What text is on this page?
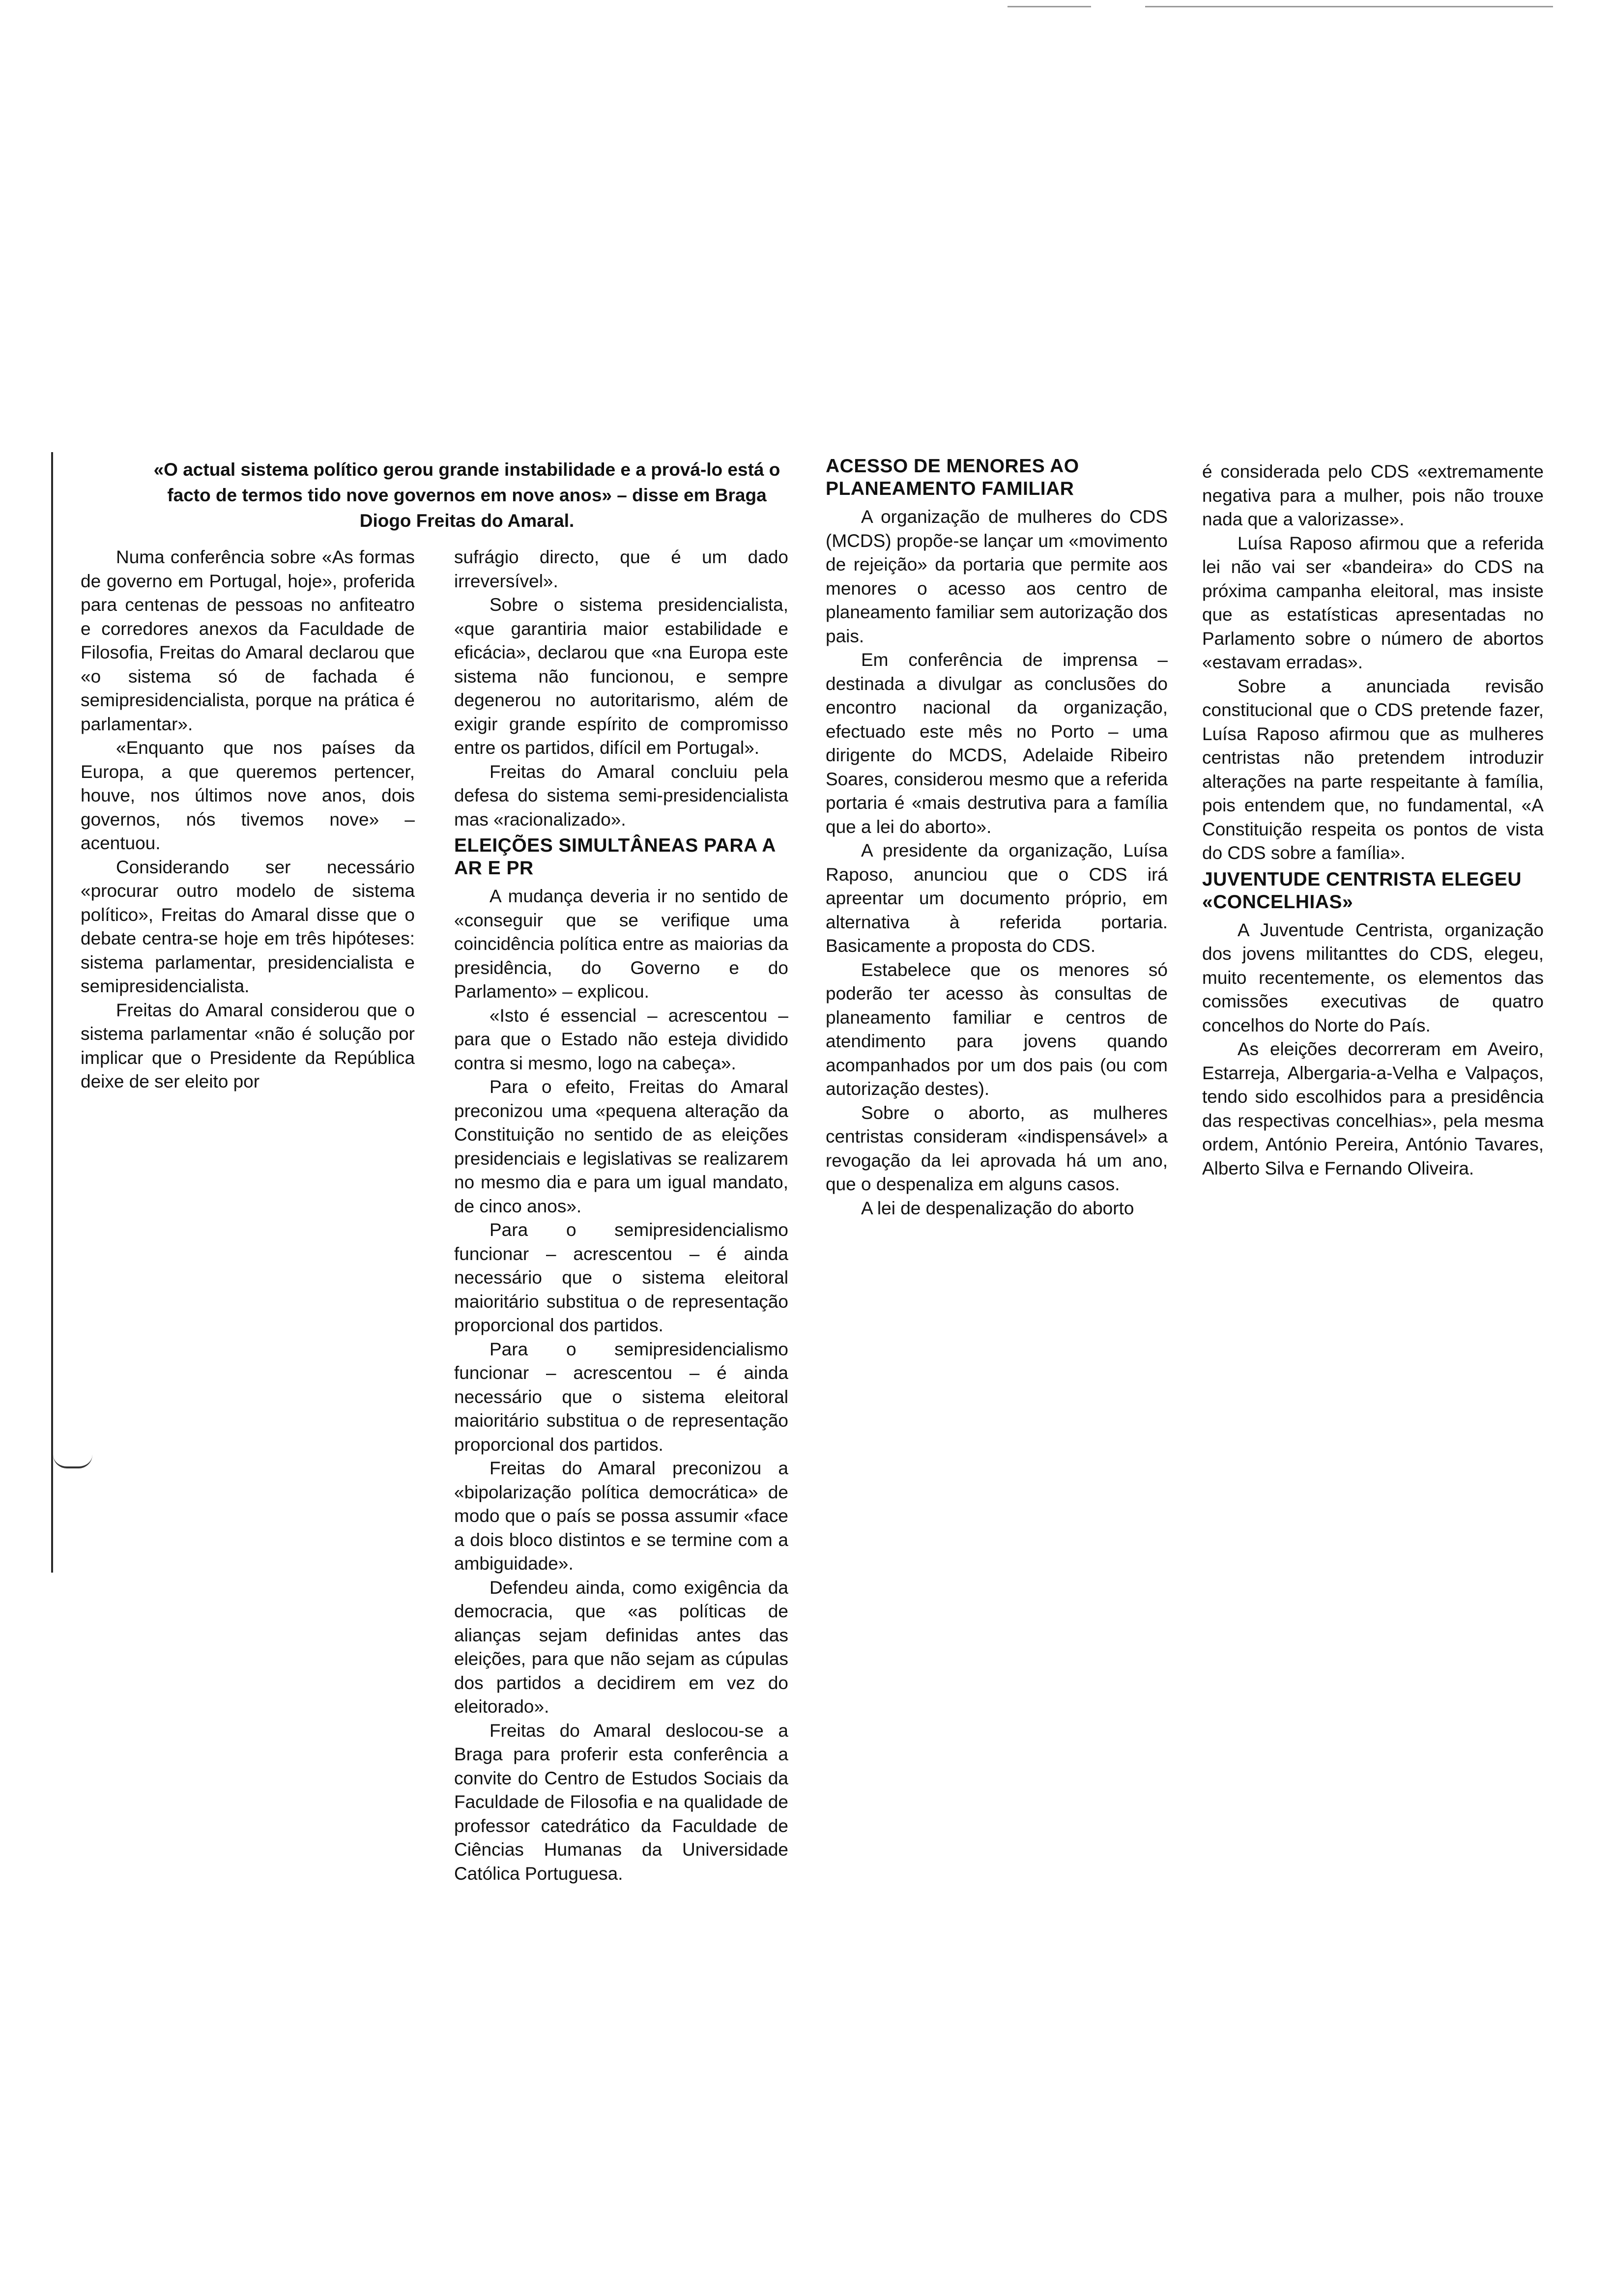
«O actual sistema político gerou grande instabilidade e a prová-lo está o facto de termos tido nove governos em nove anos» – disse em Braga Diogo Freitas do Amaral.

Numa conferência sobre «As formas de governo em Portugal, hoje», proferida para centenas de pessoas no anfiteatro e corredores anexos da Faculdade de Filosofia, Freitas do Amaral declarou que «o sistema só de fachada é semipresidencialista, porque na prática é parlamentar».

«Enquanto que nos países da Europa, a que queremos pertencer, houve, nos últimos nove anos, dois governos, nós tivemos nove» – acentuou.

Considerando ser necessário «procurar outro modelo de sistema político», Freitas do Amaral disse que o debate centra-se hoje em três hipóteses: sistema parlamentar, presidencialista e semipresidencialista.

Freitas do Amaral considerou que o sistema parlamentar «não é solução por implicar que o Presidente da República deixe de ser eleito por

sufrágio directo, que é um dado irreversível».

Sobre o sistema presidencialista, «que garantiria maior estabilidade e eficácia», declarou que «na Europa este sistema não funcionou, e sempre degenerou no autoritarismo, além de exigir grande espírito de compromisso entre os partidos, difícil em Portugal».

Freitas do Amaral concluiu pela defesa do sistema semi-presidencialista mas «racionalizado».

ELEIÇÕES SIMULTÂNEAS PARA A AR E PR

A mudança deveria ir no sentido de «conseguir que se verifique uma coincidência política entre as maiorias da presidência, do Governo e do Parlamento» – explicou.

«Isto é essencial – acrescentou – para que o Estado não esteja dividido contra si mesmo, logo na cabeça».

Para o efeito, Freitas do Amaral preconizou uma «pequena alteração da Constituição no sentido de as eleições presidenciais e legislativas se realizarem no mesmo dia e para um igual mandato, de cinco anos».

Para o semipresidencialismo funcionar – acrescentou – é ainda necessário que o sistema eleitoral maioritário substitua o de representação proporcional dos partidos.

Para o semipresidencialismo funcionar – acrescentou – é ainda necessário que o sistema eleitoral maioritário substitua o de representação proporcional dos partidos.

Freitas do Amaral preconizou a «bipolarização política democrática» de modo que o país se possa assumir «face a dois bloco distintos e se termine com a ambiguidade».

Defendeu ainda, como exigência da democracia, que «as políticas de alianças sejam definidas antes das eleições, para que não sejam as cúpulas dos partidos a decidirem em vez do eleitorado».

Freitas do Amaral deslocou-se a Braga para proferir esta conferência a convite do Centro de Estudos Sociais da Faculdade de Filosofia e na qualidade de professor catedrático da Faculdade de Ciências Humanas da Universidade Católica Portuguesa.

ACESSO DE MENORES AO PLANEAMENTO FAMILIAR

A organização de mulheres do CDS (MCDS) propõe-se lançar um «movimento de rejeição» da portaria que permite aos menores o acesso aos centro de planeamento familiar sem autorização dos pais.

Em conferência de imprensa – destinada a divulgar as conclusões do encontro nacional da organização, efectuado este mês no Porto – uma dirigente do MCDS, Adelaide Ribeiro Soares, considerou mesmo que a referida portaria é «mais destrutiva para a família que a lei do aborto».

A presidente da organização, Luísa Raposo, anunciou que o CDS irá apreentar um documento próprio, em alternativa à referida portaria. Basicamente a proposta do CDS.

Estabelece que os menores só poderão ter acesso às consultas de planeamento familiar e centros de atendimento para jovens quando acompanhados por um dos pais (ou com autorização destes).

Sobre o aborto, as mulheres centristas consideram «indispensável» a revogação da lei aprovada há um ano, que o despenaliza em alguns casos.

A lei de despenalização do aborto

é considerada pelo CDS «extremamente negativa para a mulher, pois não trouxe nada que a valorizasse».

Luísa Raposo afirmou que a referida lei não vai ser «bandeira» do CDS na próxima campanha eleitoral, mas insiste que as estatísticas apresentadas no Parlamento sobre o número de abortos «estavam erradas».

Sobre a anunciada revisão constitucional que o CDS pretende fazer, Luísa Raposo afirmou que as mulheres centristas não pretendem introduzir alterações na parte respeitante à família, pois entendem que, no fundamental, «A Constituição respeita os pontos de vista do CDS sobre a família».

JUVENTUDE CENTRISTA ELEGEU «CONCELHIAS»

A Juventude Centrista, organização dos jovens militanttes do CDS, elegeu, muito recentemente, os elementos das comissões executivas de quatro concelhos do Norte do País.

As eleições decorreram em Aveiro, Estarreja, Albergaria-a-Velha e Valpaços, tendo sido escolhidos para a presidência das respectivas concelhias», pela mesma ordem, António Pereira, António Tavares, Alberto Silva e Fernando Oliveira.
